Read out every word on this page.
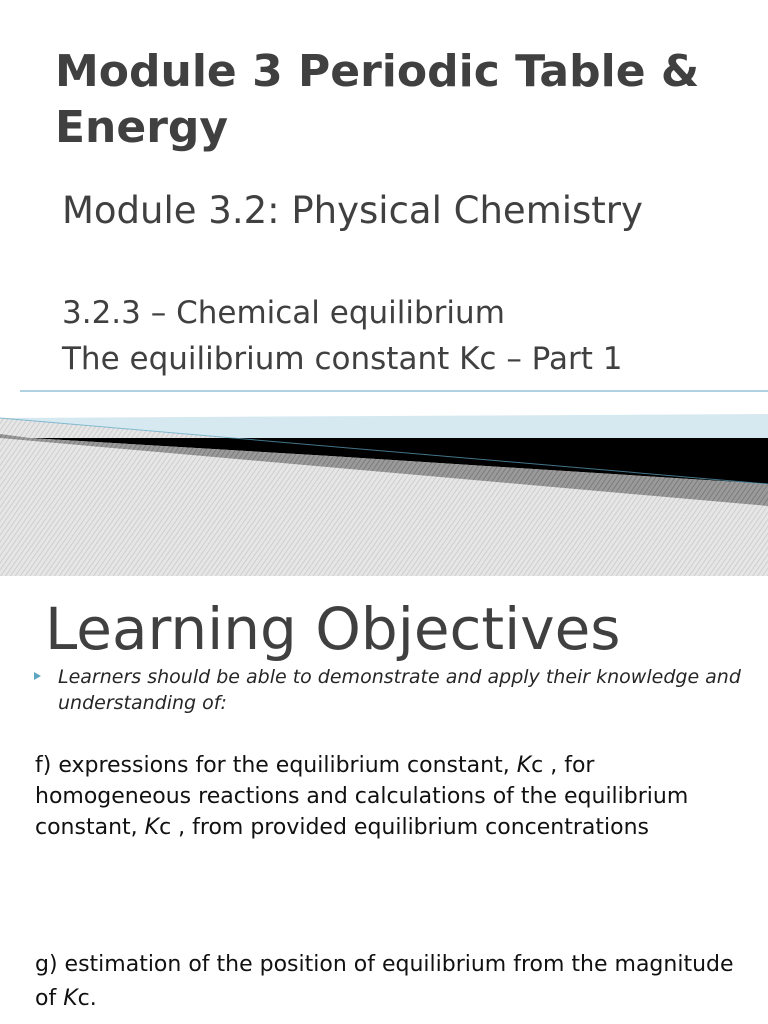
Module 3 Periodic Table & Energy

Module 3.2: Physical Chemistry

3.2.3 – Chemical equilibrium

The equilibrium constant Kc – Part 1

Learning Objectives

Learners should be able to demonstrate and apply their knowledge and understanding of:

f) expressions for the equilibrium constant, Kc , for homogeneous reactions and calculations of the equilibrium constant, Kc , from provided equilibrium concentrations

g) estimation of the position of equilibrium from the magnitude of Kc.
